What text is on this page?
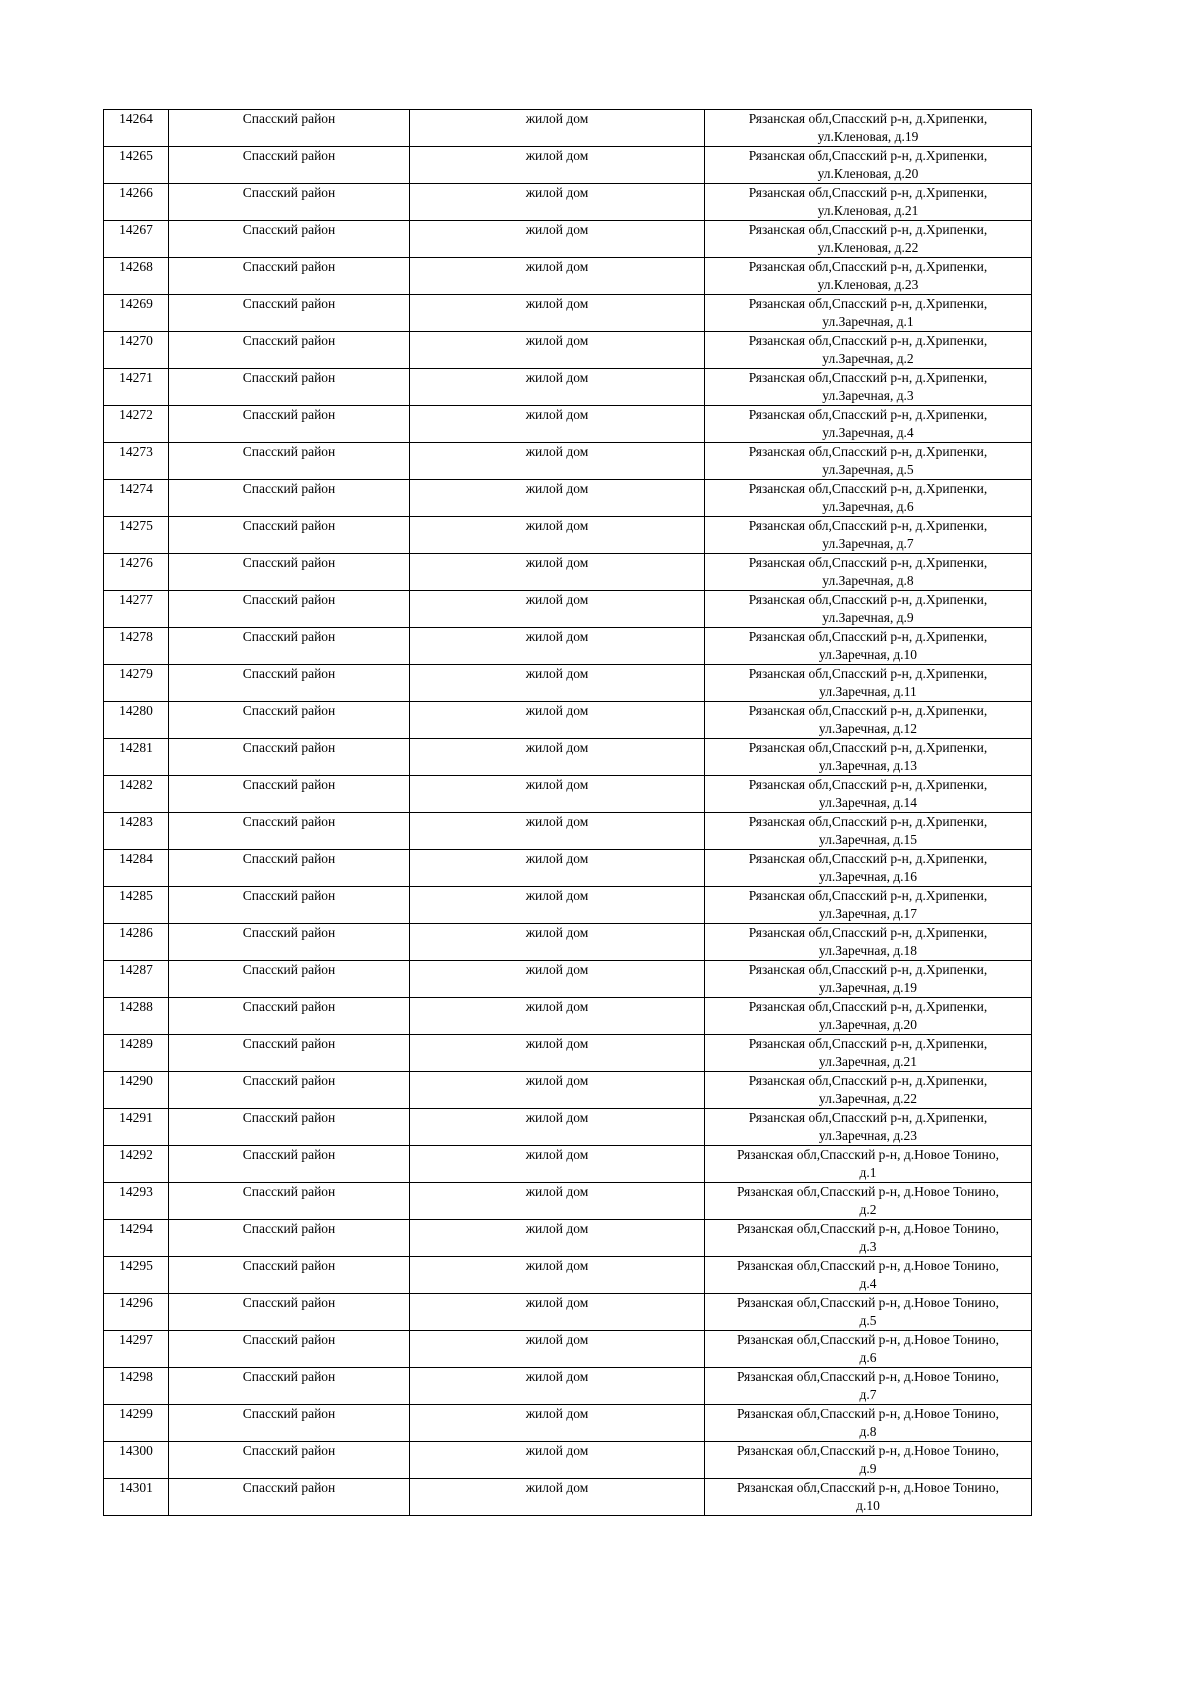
14264	Спасский район	жилой дом	Рязанская обл,Спасский р-н, д.Хрипенки,
ул.Кленовая, д.19

14265	Спасский район	жилой дом	Рязанская обл,Спасский р-н, д.Хрипенки,
ул.Кленовая, д.20

14266	Спасский район	жилой дом	Рязанская обл,Спасский р-н, д.Хрипенки,
ул.Кленовая, д.21

14267	Спасский район	жилой дом	Рязанская обл,Спасский р-н, д.Хрипенки,
ул.Кленовая, д.22

14268	Спасский район	жилой дом	Рязанская обл,Спасский р-н, д.Хрипенки,
ул.Кленовая, д.23

14269	Спасский район	жилой дом	Рязанская обл,Спасский р-н, д.Хрипенки,
ул.Заречная, д.1

14270	Спасский район	жилой дом	Рязанская обл,Спасский р-н, д.Хрипенки,
ул.Заречная, д.2

14271	Спасский район	жилой дом	Рязанская обл,Спасский р-н, д.Хрипенки,
ул.Заречная, д.3

14272	Спасский район	жилой дом	Рязанская обл,Спасский р-н, д.Хрипенки,
ул.Заречная, д.4

14273	Спасский район	жилой дом	Рязанская обл,Спасский р-н, д.Хрипенки,
ул.Заречная, д.5

14274	Спасский район	жилой дом	Рязанская обл,Спасский р-н, д.Хрипенки,
ул.Заречная, д.6

14275	Спасский район	жилой дом	Рязанская обл,Спасский р-н, д.Хрипенки,
ул.Заречная, д.7

14276	Спасский район	жилой дом	Рязанская обл,Спасский р-н, д.Хрипенки,
ул.Заречная, д.8

14277	Спасский район	жилой дом	Рязанская обл,Спасский р-н, д.Хрипенки,
ул.Заречная, д.9

14278	Спасский район	жилой дом	Рязанская обл,Спасский р-н, д.Хрипенки,
ул.Заречная, д.10

14279	Спасский район	жилой дом	Рязанская обл,Спасский р-н, д.Хрипенки,
ул.Заречная, д.11

14280	Спасский район	жилой дом	Рязанская обл,Спасский р-н, д.Хрипенки,
ул.Заречная, д.12

14281	Спасский район	жилой дом	Рязанская обл,Спасский р-н, д.Хрипенки,
ул.Заречная, д.13

14282	Спасский район	жилой дом	Рязанская обл,Спасский р-н, д.Хрипенки,
ул.Заречная, д.14

14283	Спасский район	жилой дом	Рязанская обл,Спасский р-н, д.Хрипенки,
ул.Заречная, д.15

14284	Спасский район	жилой дом	Рязанская обл,Спасский р-н, д.Хрипенки,
ул.Заречная, д.16

14285	Спасский район	жилой дом	Рязанская обл,Спасский р-н, д.Хрипенки,
ул.Заречная, д.17

14286	Спасский район	жилой дом	Рязанская обл,Спасский р-н, д.Хрипенки,
ул.Заречная, д.18

14287	Спасский район	жилой дом	Рязанская обл,Спасский р-н, д.Хрипенки,
ул.Заречная, д.19

14288	Спасский район	жилой дом	Рязанская обл,Спасский р-н, д.Хрипенки,
ул.Заречная, д.20

14289	Спасский район	жилой дом	Рязанская обл,Спасский р-н, д.Хрипенки,
ул.Заречная, д.21

14290	Спасский район	жилой дом	Рязанская обл,Спасский р-н, д.Хрипенки,
ул.Заречная, д.22

14291	Спасский район	жилой дом	Рязанская обл,Спасский р-н, д.Хрипенки,
ул.Заречная, д.23

14292	Спасский район	жилой дом	Рязанская обл,Спасский р-н, д.Новое Тонино,
д.1

14293	Спасский район	жилой дом	Рязанская обл,Спасский р-н, д.Новое Тонино,
д.2

14294	Спасский район	жилой дом	Рязанская обл,Спасский р-н, д.Новое Тонино,
д.3

14295	Спасский район	жилой дом	Рязанская обл,Спасский р-н, д.Новое Тонино,
д.4

14296	Спасский район	жилой дом	Рязанская обл,Спасский р-н, д.Новое Тонино,
д.5

14297	Спасский район	жилой дом	Рязанская обл,Спасский р-н, д.Новое Тонино,
д.6

14298	Спасский район	жилой дом	Рязанская обл,Спасский р-н, д.Новое Тонино,
д.7

14299	Спасский район	жилой дом	Рязанская обл,Спасский р-н, д.Новое Тонино,
д.8

14300	Спасский район	жилой дом	Рязанская обл,Спасский р-н, д.Новое Тонино,
д.9

14301	Спасский район	жилой дом	Рязанская обл,Спасский р-н, д.Новое Тонино,
д.10
